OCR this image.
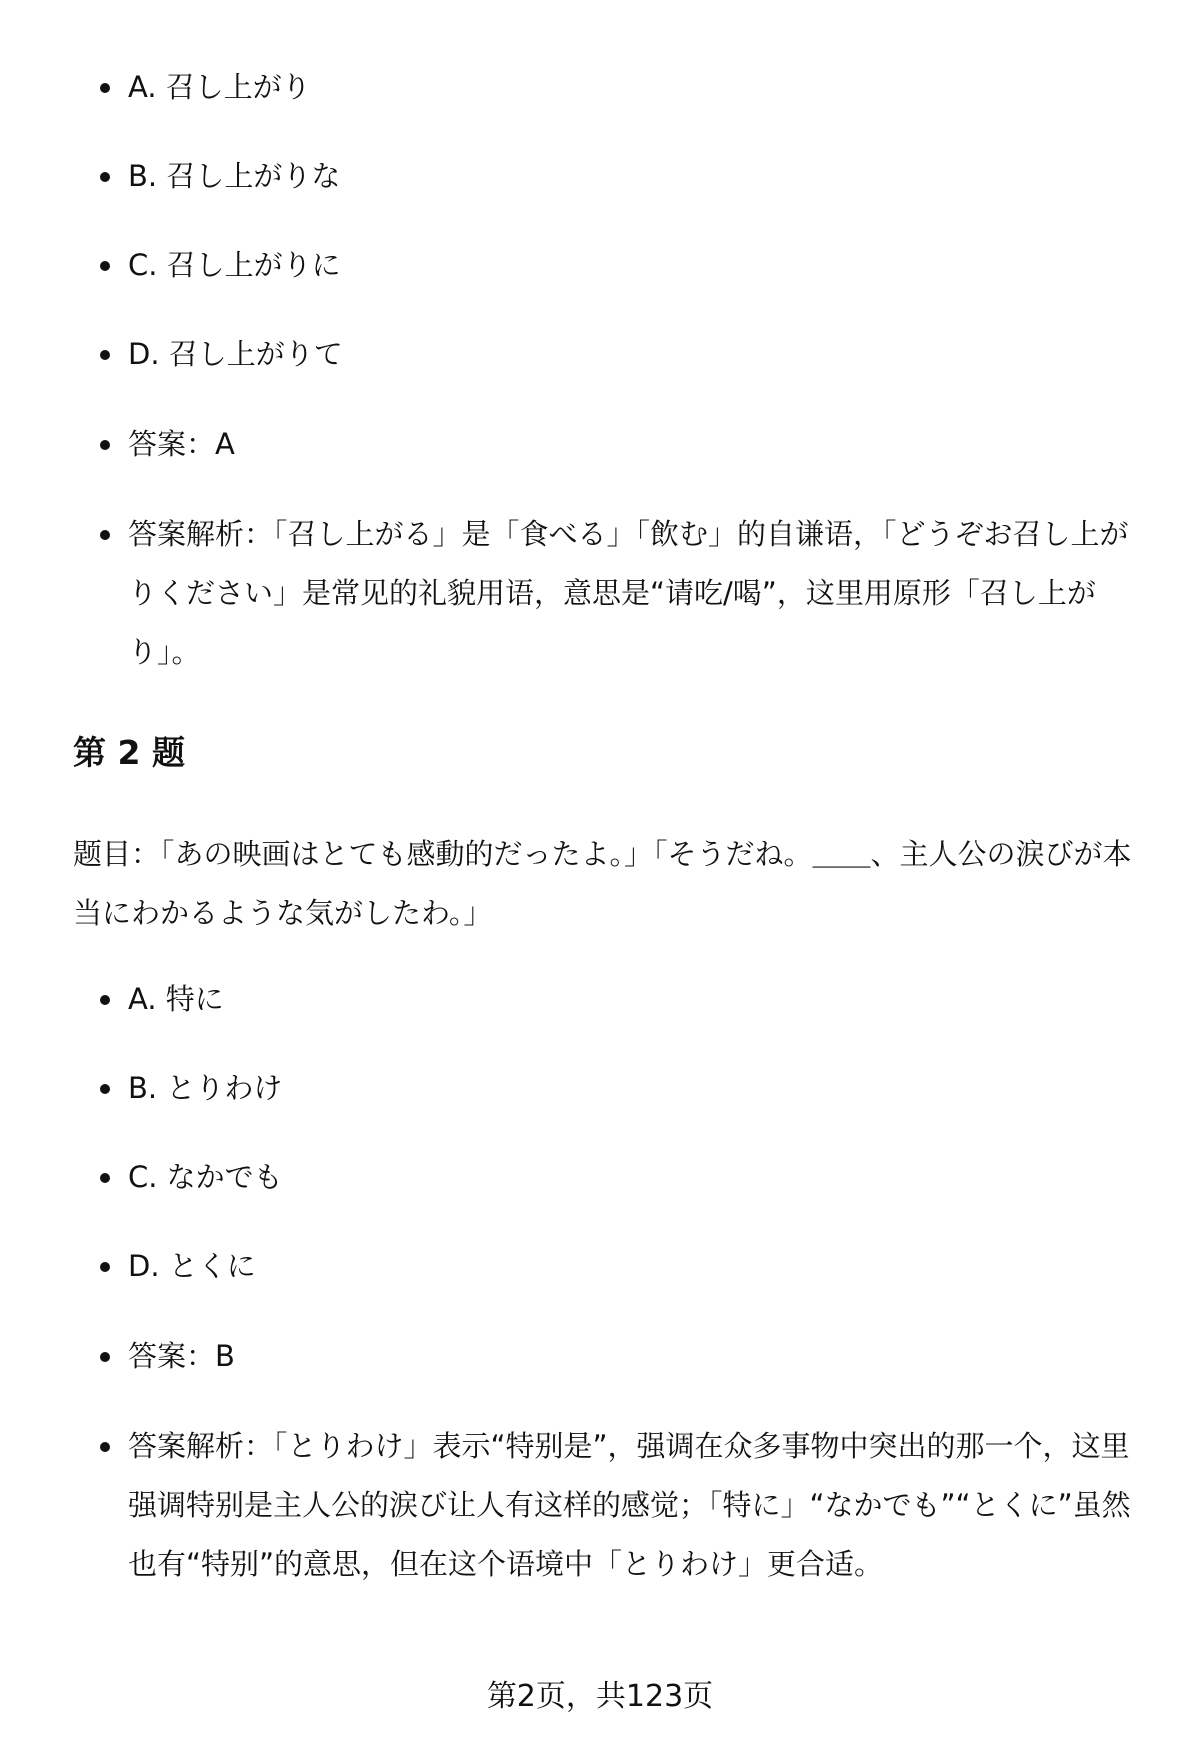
A. 召し上がり
B. 召し上がりな
C. 召し上がりに
D. 召し上がりて
答案：A
答案解析：「召し上がる」是「食べる」「飲む」的自谦语，「どうぞお召し上がりください」是常见的礼貌用语，意思是“请吃/喝”，这里用原形「召し上がり」。
第 2 题
题目：「あの映画はとても感動的だったよ。」「そうだね。＿＿、主人公の涙びが本当にわかるような気がしたわ。」
A. 特に
B. とりわけ
C. なかでも
D. とくに
答案：B
答案解析：「とりわけ」表示“特别是”，强调在众多事物中突出的那一个，这里强调特别是主人公的涙び让人有这样的感觉；「特に」“なかでも”“とくに”虽然也有“特别”的意思，但在这个语境中「とりわけ」更合适。
第2页，共123页
